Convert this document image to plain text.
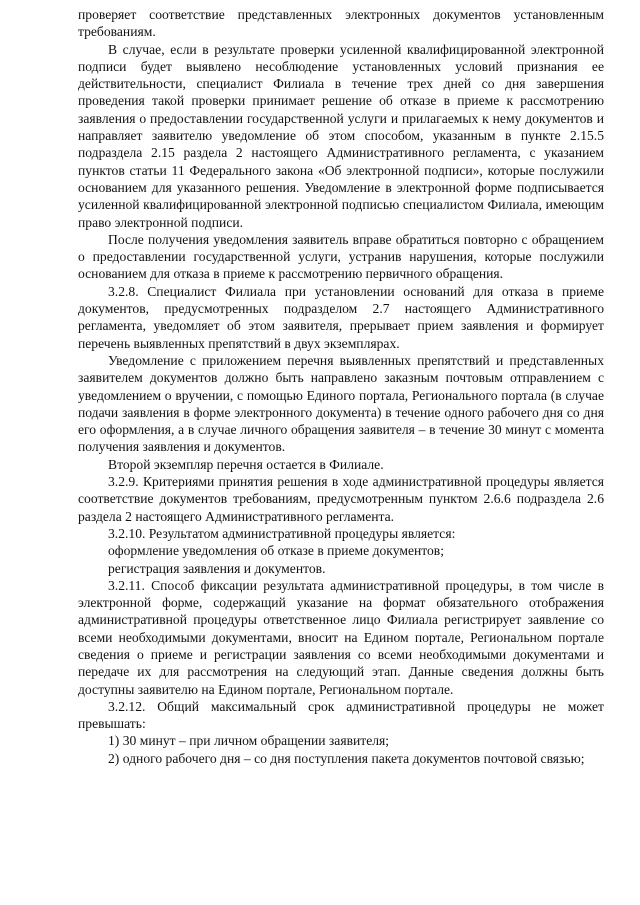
проверяет соответствие представленных электронных документов установленным требованиям.

В случае, если в результате проверки усиленной квалифицированной электронной подписи будет выявлено несоблюдение установленных условий признания ее действительности, специалист Филиала в течение трех дней со дня завершения проведения такой проверки принимает решение об отказе в приеме к рассмотрению заявления о предоставлении государственной услуги и прилагаемых к нему документов и направляет заявителю уведомление об этом способом, указанным в пункте 2.15.5 подраздела 2.15 раздела 2 настоящего Административного регламента, с указанием пунктов статьи 11 Федерального закона «Об электронной подписи», которые послужили основанием для указанного решения. Уведомление в электронной форме подписывается усиленной квалифицированной электронной подписью специалистом Филиала, имеющим право электронной подписи.

После получения уведомления заявитель вправе обратиться повторно с обращением о предоставлении государственной услуги, устранив нарушения, которые послужили основанием для отказа в приеме к рассмотрению первичного обращения.

3.2.8. Специалист Филиала при установлении оснований для отказа в приеме документов, предусмотренных подразделом 2.7 настоящего Административного регламента, уведомляет об этом заявителя, прерывает прием заявления и формирует перечень выявленных препятствий в двух экземплярах.

Уведомление с приложением перечня выявленных препятствий и представленных заявителем документов должно быть направлено заказным почтовым отправлением с уведомлением о вручении, с помощью Единого портала, Регионального портала (в случае подачи заявления в форме электронного документа) в течение одного рабочего дня со дня его оформления, а в случае личного обращения заявителя – в течение 30 минут с момента получения заявления и документов.

Второй экземпляр перечня остается в Филиале.

3.2.9. Критериями принятия решения в ходе административной процедуры является соответствие документов требованиям, предусмотренным пунктом 2.6.6 подраздела 2.6 раздела 2 настоящего Административного регламента.

3.2.10. Результатом административной процедуры является:

оформление уведомления об отказе в приеме документов;

регистрация заявления и документов.

3.2.11. Способ фиксации результата административной процедуры, в том числе в электронной форме, содержащий указание на формат обязательного отображения административной процедуры ответственное лицо Филиала регистрирует заявление со всеми необходимыми документами, вносит на Едином портале, Региональном портале сведения о приеме и регистрации заявления со всеми необходимыми документами и передаче их для рассмотрения на следующий этап. Данные сведения должны быть доступны заявителю на Едином портале, Региональном портале.

3.2.12. Общий максимальный срок административной процедуры не может превышать:

1) 30 минут – при личном обращении заявителя;

2) одного рабочего дня – со дня поступления пакета документов почтовой связью;
